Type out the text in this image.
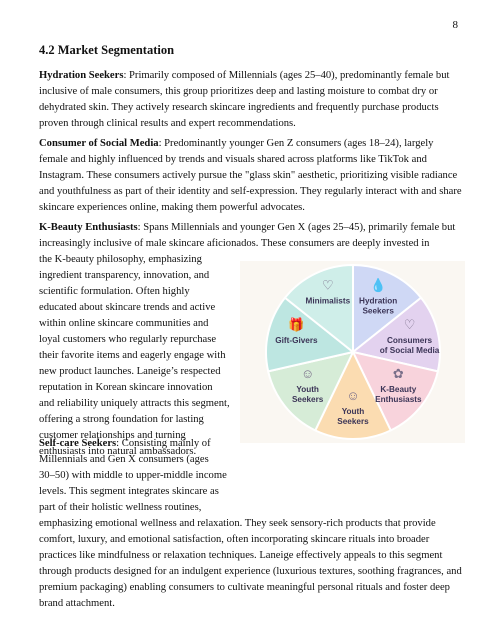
8
4.2 Market Segmentation

Hydration Seekers: Primarily composed of Millennials (ages 25–40), predominantly female but inclusive of male consumers, this group prioritizes deep and lasting moisture to combat dry or dehydrated skin. They actively research skincare ingredients and frequently purchase products proven through clinical results and expert recommendations.

Consumer of Social Media: Predominantly younger Gen Z consumers (ages 18–24), largely female and highly influenced by trends and visuals shared across platforms like TikTok and Instagram. These consumers actively pursue the "glass skin" aesthetic, prioritizing visible radiance and youthfulness as part of their identity and self-expression. They regularly interact with and share skincare experiences online, making them powerful advocates.

K-Beauty Enthusiasts: Spans Millennials and younger Gen X (ages 25–45), primarily female but increasingly inclusive of male skincare aficionados. These consumers are deeply invested in
the K-beauty philosophy, emphasizing
ingredient transparency, innovation, and
scientific formulation. Often highly
educated about skincare trends and active
within online skincare communities and
loyal customers who regularly repurchase
their favorite items and eagerly engage with
new product launches. Laneige’s respected
reputation in Korean skincare innovation
and reliability uniquely attracts this segment,
offering a strong foundation for lasting
customer relationships and turning
enthusiasts into natural ambassadors.

Self-care Seekers: Consisting mainly of
Millennials and Gen X consumers (ages
30–50) with middle to upper-middle income
levels. This segment integrates skincare as
part of their holistic wellness routines,
emphasizing emotional wellness and relaxation. They seek sensory-rich products that provide comfort, luxury, and emotional satisfaction, often incorporating skincare rituals into broader practices like mindfulness or relaxation techniques. Laneige effectively appeals to this segment through products designed for an indulgent experience (luxurious textures, soothing fragrances, and premium packaging) enabling consumers to cultivate meaningful personal rituals and foster deep brand attachment.

💧
Hydration
Seekers
♡
Consumers
of Social Media
✿
K-Beauty
Enthusiasts
☺
Youth
Seekers
☺
Youth
Seekers
🎁
Gift-Givers
♡
Minimalists
